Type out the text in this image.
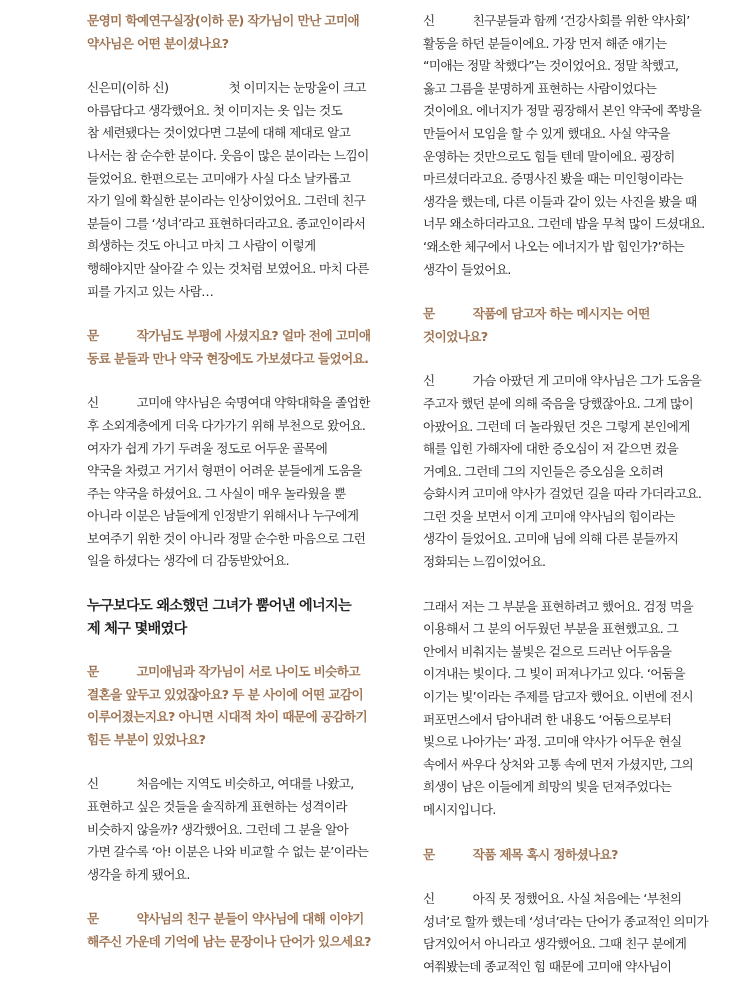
문영미 학예연구실장(이하 문) 작가님이 만난 고미애

약사님은 어떤 분이셨나요?

신은미(이하 신)	첫 이미지는 눈망울이 크고

아름답다고 생각했어요. 첫 이미지는 옷 입는 것도

참 세련됐다는 것이었다면 그분에 대해 제대로 알고

나서는 참 순수한 분이다. 웃음이 많은 분이라는 느낌이

들었어요. 한편으로는 고미애가 사실 다소 날카롭고

자기 일에 확실한 분이라는 인상이었어요. 그런데 친구

분들이 그를 ‘성녀’라고 표현하더라고요. 종교인이라서

희생하는 것도 아니고 마치 그 사람이 이렇게

행해야지만 살아갈 수 있는 것처럼 보였어요. 마치 다른

피를 가지고 있는 사람…

문	작가님도 부평에 사셨지요? 얼마 전에 고미애

동료 분들과 만나 약국 현장에도 가보셨다고 들었어요.

신	고미애 약사님은 숙명여대 약학대학을 졸업한

후 소외계층에게 더욱 다가가기 위해 부천으로 왔어요.

여자가 쉽게 가기 두려울 정도로 어두운 골목에

약국을 차렸고 거기서 형편이 어려운 분들에게 도움을

주는 약국을 하셨어요. 그 사실이 매우 놀라웠을 뿐

아니라 이분은 남들에게 인정받기 위해서나 누구에게

보여주기 위한 것이 아니라 정말 순수한 마음으로 그런

일을 하셨다는 생각에 더 감동받았어요.

누구보다도 왜소했던 그녀가 뿜어낸 에너지는

제 체구 몇배였다

문	고미애님과 작가님이 서로 나이도 비슷하고

결혼을 앞두고 있었잖아요? 두 분 사이에 어떤 교감이

이루어졌는지요? 아니면 시대적 차이 때문에 공감하기

힘든 부분이 있었나요?

신	처음에는 지역도 비슷하고, 여대를 나왔고,

표현하고 싶은 것들을 솔직하게 표현하는 성격이라

비슷하지 않을까? 생각했어요. 그런데 그 분을 알아

가면 갈수록 ‘아! 이분은 나와 비교할 수 없는 분’이라는

생각을 하게 됐어요.

문	약사님의 친구 분들이 약사님에 대해 이야기

해주신 가운데 기억에 남는 문장이나 단어가 있으세요?

신	친구분들과 함께 ‘건강사회를 위한 약사회’

활동을 하던 분들이에요. 가장 먼저 해준 얘기는

“미애는 정말 착했다”는 것이었어요. 정말 착했고,

옳고 그름을 분명하게 표현하는 사람이었다는

것이에요. 에너지가 정말 굉장해서 본인 약국에 쪽방을

만들어서 모임을 할 수 있게 했대요. 사실 약국을

운영하는 것만으로도 힘들 텐데 말이에요. 굉장히

마르셨더라고요. 증명사진 봤을 때는 미인형이라는

생각을 했는데, 다른 이들과 같이 있는 사진을 봤을 때

너무 왜소하더라고요. 그런데 밥을 무척 많이 드셨대요.

‘왜소한 체구에서 나오는 에너지가 밥 힘인가?’하는

생각이 들었어요.

문	작품에 담고자 하는 메시지는 어떤

것이었나요?

신	가슴 아팠던 게 고미애 약사님은 그가 도움을

주고자 했던 분에 의해 죽음을 당했잖아요. 그게 많이

아팠어요. 그런데 더 놀라웠던 것은 그렇게 본인에게

해를 입힌 가해자에 대한 증오심이 저 같으면 컸을

거예요. 그런데 그의 지인들은 증오심을 오히려

승화시켜 고미애 약사가 걸었던 길을 따라 가더라고요.

그런 것을 보면서 이게 고미애 약사님의 힘이라는

생각이 들었어요. 고미애 님에 의해 다른 분들까지

정화되는 느낌이었어요.

그래서 저는 그 부분을 표현하려고 했어요. 검정 먹을

이용해서 그 분의 어두웠던 부분을 표현했고요. 그

안에서 비춰지는 불빛은 겉으로 드러난 어두움을

이겨내는 빛이다. 그 빛이 퍼져나가고 있다. ‘어둠을

이기는 빛’이라는 주제를 담고자 했어요. 이번에 전시

퍼포먼스에서 담아내려 한 내용도 ‘어둠으로부터

빛으로 나아가는’ 과정. 고미애 약사가 어두운 현실

속에서 싸우다 상처와 고통 속에 먼저 가셨지만, 그의

희생이 남은 이들에게 희망의 빛을 던져주었다는

메시지입니다.

문	작품 제목 혹시 정하셨나요?

신	아직 못 정했어요. 사실 처음에는 ‘부천의

성녀’로 할까 했는데 ‘성녀’라는 단어가 종교적인 의미가

담겨있어서 아니라고 생각했어요. 그때 친구 분에게

여쭤봤는데 종교적인 힘 때문에 고미애 약사님이
